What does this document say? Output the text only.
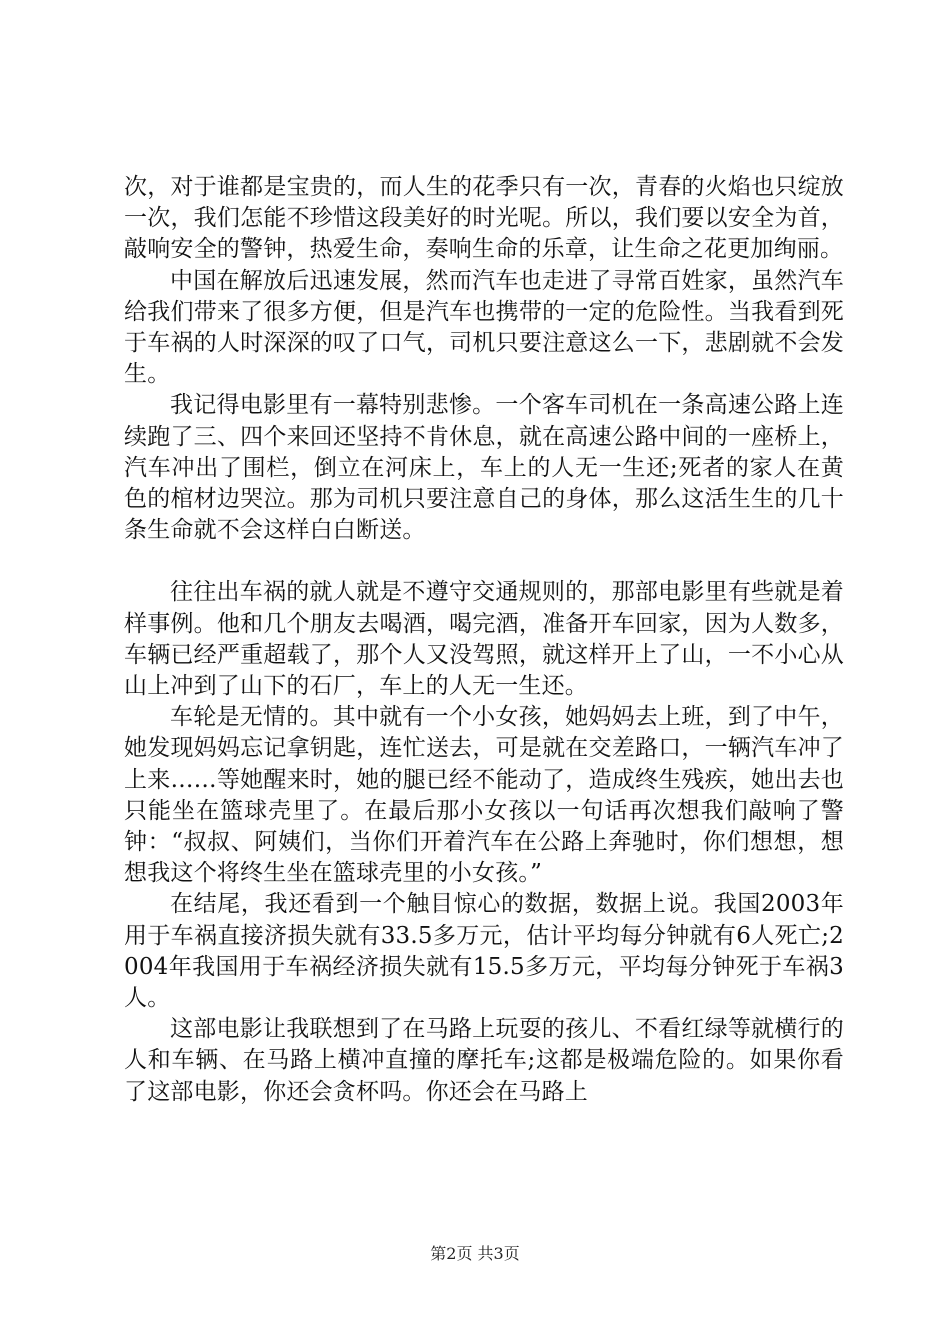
次，对于谁都是宝贵的，而人生的花季只有一次，青春的火焰也只绽放一次，我们怎能不珍惜这段美好的时光呢。所以，我们要以安全为首，敲响安全的警钟，热爱生命，奏响生命的乐章，让生命之花更加绚丽。

中国在解放后迅速发展，然而汽车也走进了寻常百姓家，虽然汽车给我们带来了很多方便，但是汽车也携带的一定的危险性。当我看到死于车祸的人时深深的叹了口气，司机只要注意这么一下，悲剧就不会发生。

我记得电影里有一幕特别悲惨。一个客车司机在一条高速公路上连续跑了三、四个来回还坚持不肯休息，就在高速公路中间的一座桥上，汽车冲出了围栏，倒立在河床上，车上的人无一生还;死者的家人在黄色的棺材边哭泣。那为司机只要注意自己的身体，那么这活生生的几十条生命就不会这样白白断送。

往往出车祸的就人就是不遵守交通规则的，那部电影里有些就是着样事例。他和几个朋友去喝酒，喝完酒，准备开车回家，因为人数多，车辆已经严重超载了，那个人又没驾照，就这样开上了山，一不小心从山上冲到了山下的石厂，车上的人无一生还。

车轮是无情的。其中就有一个小女孩，她妈妈去上班，到了中午，她发现妈妈忘记拿钥匙，连忙送去，可是就在交差路口，一辆汽车冲了上来……等她醒来时，她的腿已经不能动了，造成终生残疾，她出去也只能坐在篮球壳里了。在最后那小女孩以一句话再次想我们敲响了警钟：“叔叔、阿姨们，当你们开着汽车在公路上奔驰时，你们想想，想想我这个将终生坐在篮球壳里的小女孩。”

在结尾，我还看到一个触目惊心的数据，数据上说。我国2003年用于车祸直接济损失就有33.5多万元，估计平均每分钟就有6人死亡;2004年我国用于车祸经济损失就有15.5多万元，平均每分钟死于车祸3人。

这部电影让我联想到了在马路上玩耍的孩儿、不看红绿等就横行的人和车辆、在马路上横冲直撞的摩托车;这都是极端危险的。如果你看了这部电影，你还会贪杯吗。你还会在马路上

第2页 共3页
